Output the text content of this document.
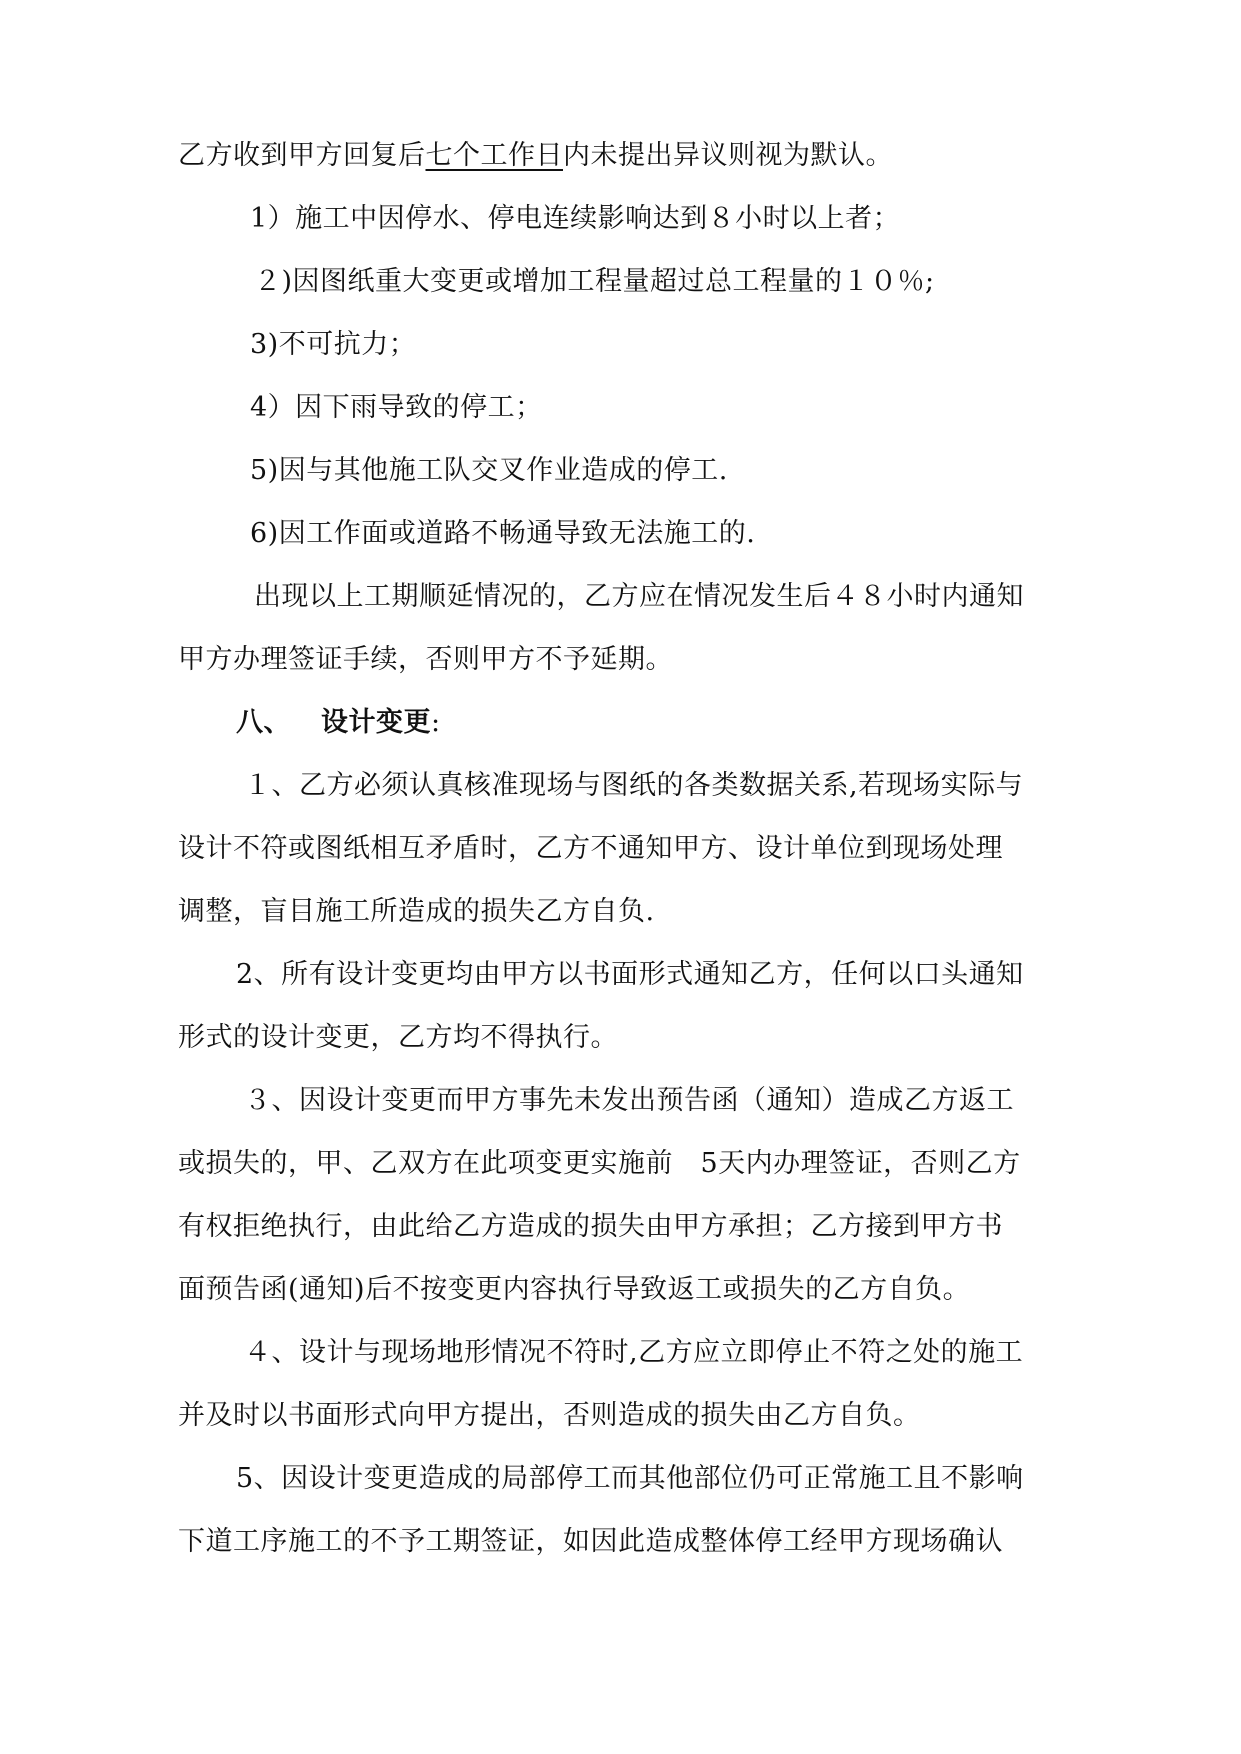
乙方收到甲方回复后七个工作日内未提出异议则视为默认。
1）施工中因停水、停电连续影响达到８小时以上者；
２)因图纸重大变更或增加工程量超过总工程量的１０％;
3)不可抗力；
4）因下雨导致的停工；
5)因与其他施工队交叉作业造成的停工.
6)因工作面或道路不畅通导致无法施工的.
出现以上工期顺延情况的，乙方应在情况发生后４８小时内通知
甲方办理签证手续，否则甲方不予延期。
八、 设计变更:
１、乙方必须认真核准现场与图纸的各类数据关系,若现场实际与
设计不符或图纸相互矛盾时，乙方不通知甲方、设计单位到现场处理
调整，盲目施工所造成的损失乙方自负.
2、所有设计变更均由甲方以书面形式通知乙方，任何以口头通知
形式的设计变更，乙方均不得执行。
３、因设计变更而甲方事先未发出预告函（通知）造成乙方返工
或损失的，甲、乙双方在此项变更实施前　5天内办理签证，否则乙方
有权拒绝执行，由此给乙方造成的损失由甲方承担；乙方接到甲方书
面预告函(通知)后不按变更内容执行导致返工或损失的乙方自负。
４、设计与现场地形情况不符时,乙方应立即停止不符之处的施工
并及时以书面形式向甲方提出，否则造成的损失由乙方自负。
5、因设计变更造成的局部停工而其他部位仍可正常施工且不影响
下道工序施工的不予工期签证，如因此造成整体停工经甲方现场确认
